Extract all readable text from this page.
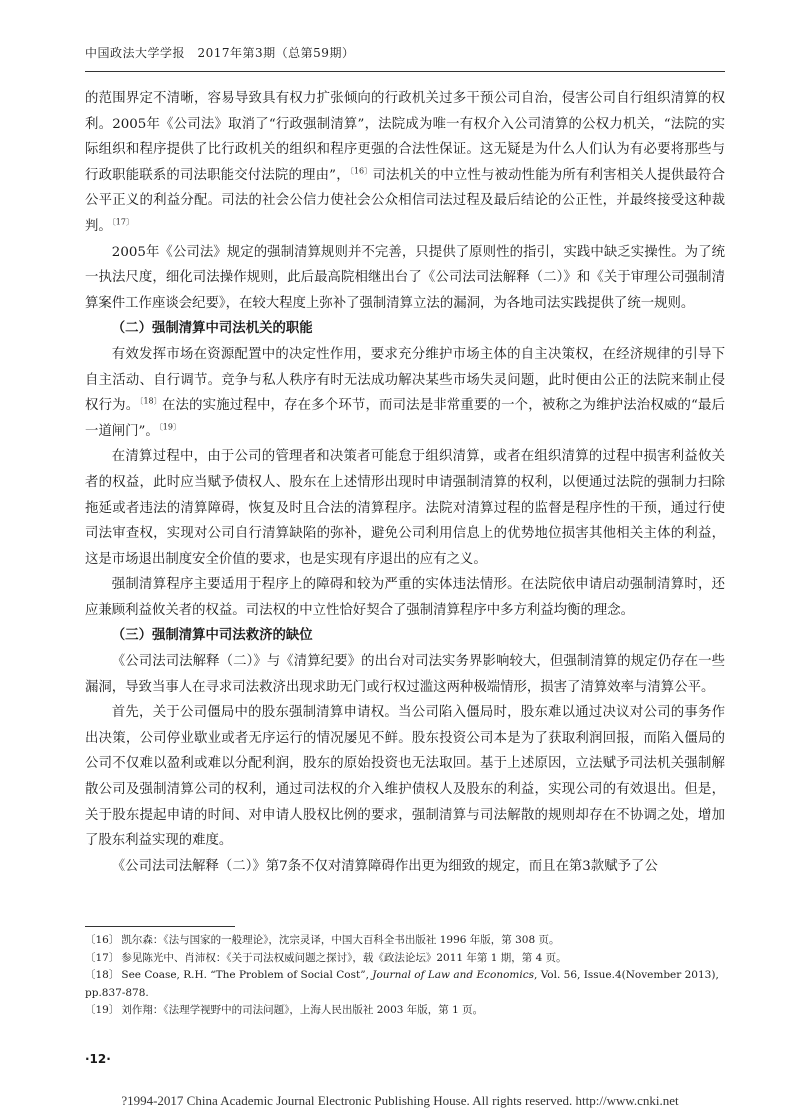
中国政法大学学报　2017年第3期（总第59期）

的范围界定不清晰，容易导致具有权力扩张倾向的行政机关过多干预公司自治，侵害公司自行组织清算的权利。2005年《公司法》取消了“行政强制清算”，法院成为唯一有权介入公司清算的公权力机关，“法院的实际组织和程序提供了比行政机关的组织和程序更强的合法性保证。这无疑是为什么人们认为有必要将那些与行政职能联系的司法职能交付法院的理由”，$^{〔16〕}$司法机关的中立性与被动性能为所有利害相关人提供最符合公平正义的利益分配。司法的社会公信力使社会公众相信司法过程及最后结论的公正性，并最终接受这种裁判。$^{〔17〕}$

2005年《公司法》规定的强制清算规则并不完善，只提供了原则性的指引，实践中缺乏实操性。为了统一执法尺度，细化司法操作规则，此后最高院相继出台了《公司法司法解释（二）》和《关于审理公司强制清算案件工作座谈会纪要》，在较大程度上弥补了强制清算立法的漏洞，为各地司法实践提供了统一规则。

（二）强制清算中司法机关的职能

有效发挥市场在资源配置中的决定性作用，要求充分维护市场主体的自主决策权，在经济规律的引导下自主活动、自行调节。竞争与私人秩序有时无法成功解决某些市场失灵问题，此时便由公正的法院来制止侵权行为。$^{〔18〕}$在法的实施过程中，存在多个环节，而司法是非常重要的一个，被称之为维护法治权威的“最后一道闸门”。$^{〔19〕}$

在清算过程中，由于公司的管理者和决策者可能怠于组织清算，或者在组织清算的过程中损害利益攸关者的权益，此时应当赋予债权人、股东在上述情形出现时申请强制清算的权利，以便通过法院的强制力扫除拖延或者违法的清算障碍，恢复及时且合法的清算程序。法院对清算过程的监督是程序性的干预，通过行使司法审查权，实现对公司自行清算缺陷的弥补，避免公司利用信息上的优势地位损害其他相关主体的利益，这是市场退出制度安全价值的要求，也是实现有序退出的应有之义。

强制清算程序主要适用于程序上的障碍和较为严重的实体违法情形。在法院依申请启动强制清算时，还应兼顾利益攸关者的权益。司法权的中立性恰好契合了强制清算程序中多方利益均衡的理念。

（三）强制清算中司法救济的缺位

《公司法司法解释（二）》与《清算纪要》的出台对司法实务界影响较大，但强制清算的规定仍存在一些漏洞，导致当事人在寻求司法救济出现求助无门或行权过滥这两种极端情形，损害了清算效率与清算公平。

首先，关于公司僵局中的股东强制清算申请权。当公司陷入僵局时，股东难以通过决议对公司的事务作出决策，公司停业歇业或者无序运行的情况屡见不鲜。股东投资公司本是为了获取利润回报，而陷入僵局的公司不仅难以盈利或难以分配利润，股东的原始投资也无法取回。基于上述原因，立法赋予司法机关强制解散公司及强制清算公司的权利，通过司法权的介入维护债权人及股东的利益，实现公司的有效退出。但是，关于股东提起申请的时间、对申请人股权比例的要求，强制清算与司法解散的规则却存在不协调之处，增加了股东利益实现的难度。

《公司法司法解释（二）》第7条不仅对清算障碍作出更为细致的规定，而且在第3款赋予了公

〔16〕 凯尔森：《法与国家的一般理论》，沈宗灵译，中国大百科全书出版社 1996 年版，第 308 页。

〔17〕 参见陈光中、肖沛权：《关于司法权威问题之探讨》，载《政法论坛》2011 年第 1 期，第 4 页。

〔18〕 See Coase, R.H. “The Problem of Social Cost”, Journal of Law and Economics, Vol. 56, Issue.4(November 2013), pp.837-878.

〔19〕 刘作翔：《法理学视野中的司法问题》，上海人民出版社 2003 年版，第 1 页。

·12·
?1994-2017 China Academic Journal Electronic Publishing House. All rights reserved. http://www.cnki.net
